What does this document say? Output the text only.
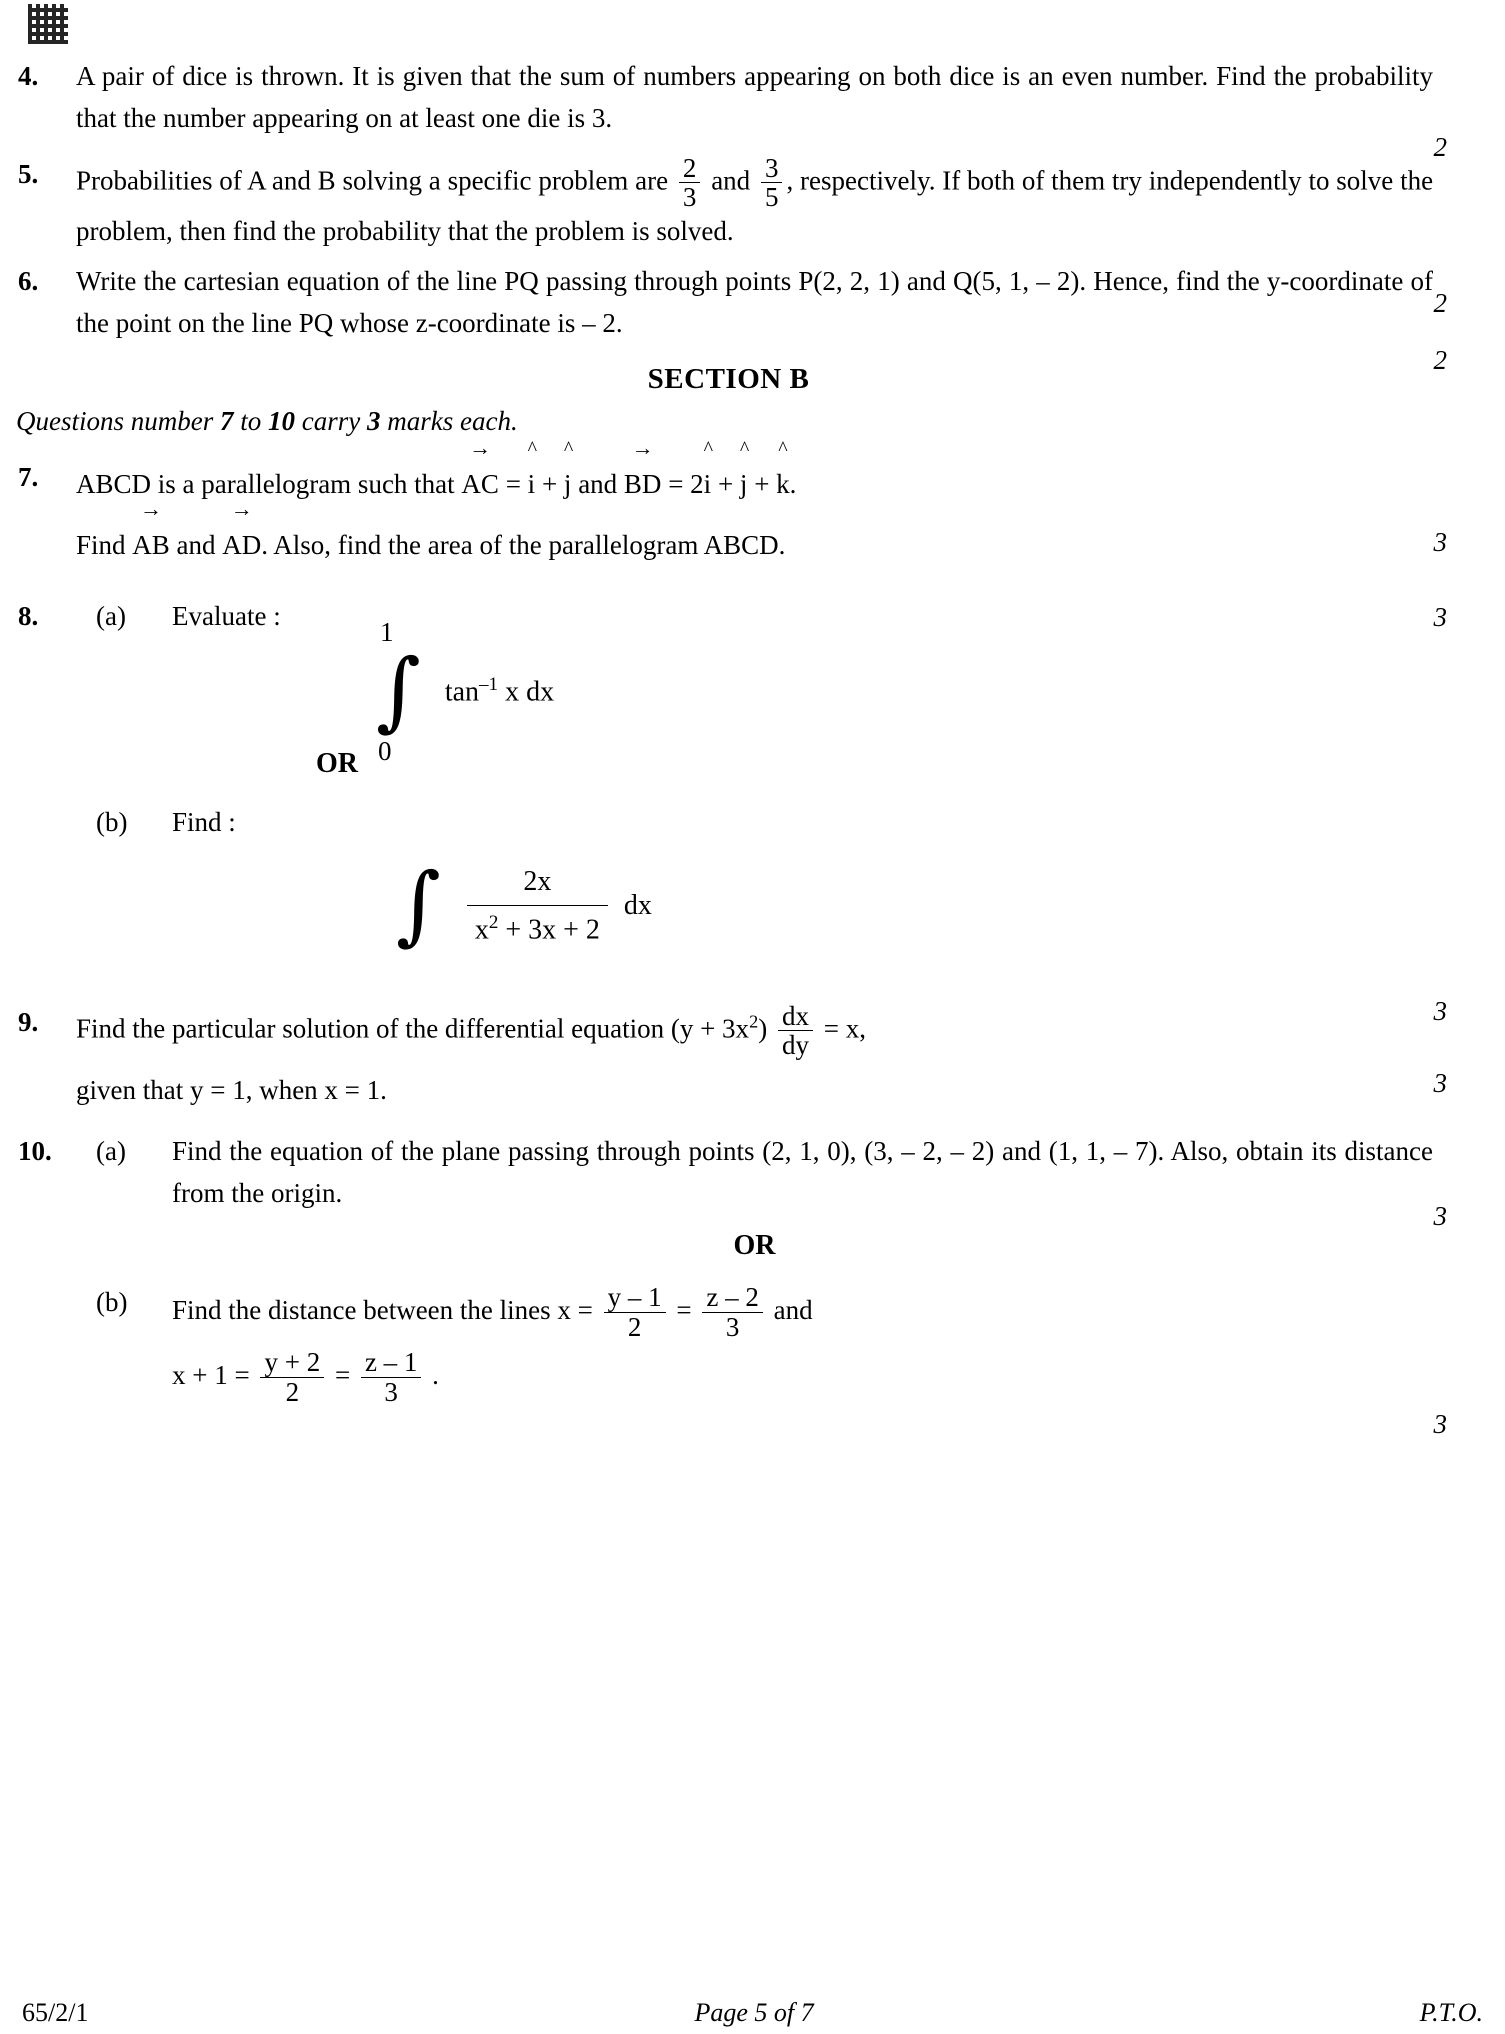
4.	A pair of dice is thrown. It is given that the sum of numbers appearing on both dice is an even number. Find the probability that the number appearing on at least one die is 3.
2
5.	Probabilities of A and B solving a specific problem are $\frac{2}{3}$ and $\frac{3}{5}$ , respectively. If both of them try independently to solve the problem, then find the probability that the problem is solved.
2
6.	Write the cartesian equation of the line PQ passing through points P(2, 2, 1) and Q(5, 1, – 2). Hence, find the y-coordinate of the point on the line PQ whose z-coordinate is – 2.
2
SECTION B
Questions number 7 to 10 carry 3 marks each.
7.	ABCD is a parallelogram such that
→
AC =
^
i +
^
j and
→
BD = 2
^
i +
^
j +
^
k.
Find
→
AB and
→
AD. Also, find the area of the parallelogram ABCD.	3
8.	(a)	Evaluate :
∫
1
0
$\tan^{-1} x$ dx
OR
(b)	Find :
∫ $\frac{2x}{x^2 + 3x + 2}$ dx
3
3
9.	Find the particular solution of the differential equation $(y + 3x^2) \frac{dx}{dy} = x$,
given that y = 1, when x = 1.	3
10.	(a)	Find the equation of the plane passing through points (2, 1, 0), (3, – 2, – 2) and (1, 1, – 7). Also, obtain its distance from the origin.
OR
(b)	Find the distance between the lines $x = \frac{y - 1}{2} = \frac{z - 2}{3}$ and
$x + 1 = \frac{y + 2}{2} = \frac{z - 1}{3}$ .
3
3
65/2/1	Page 5 of 7	P.T.O.
